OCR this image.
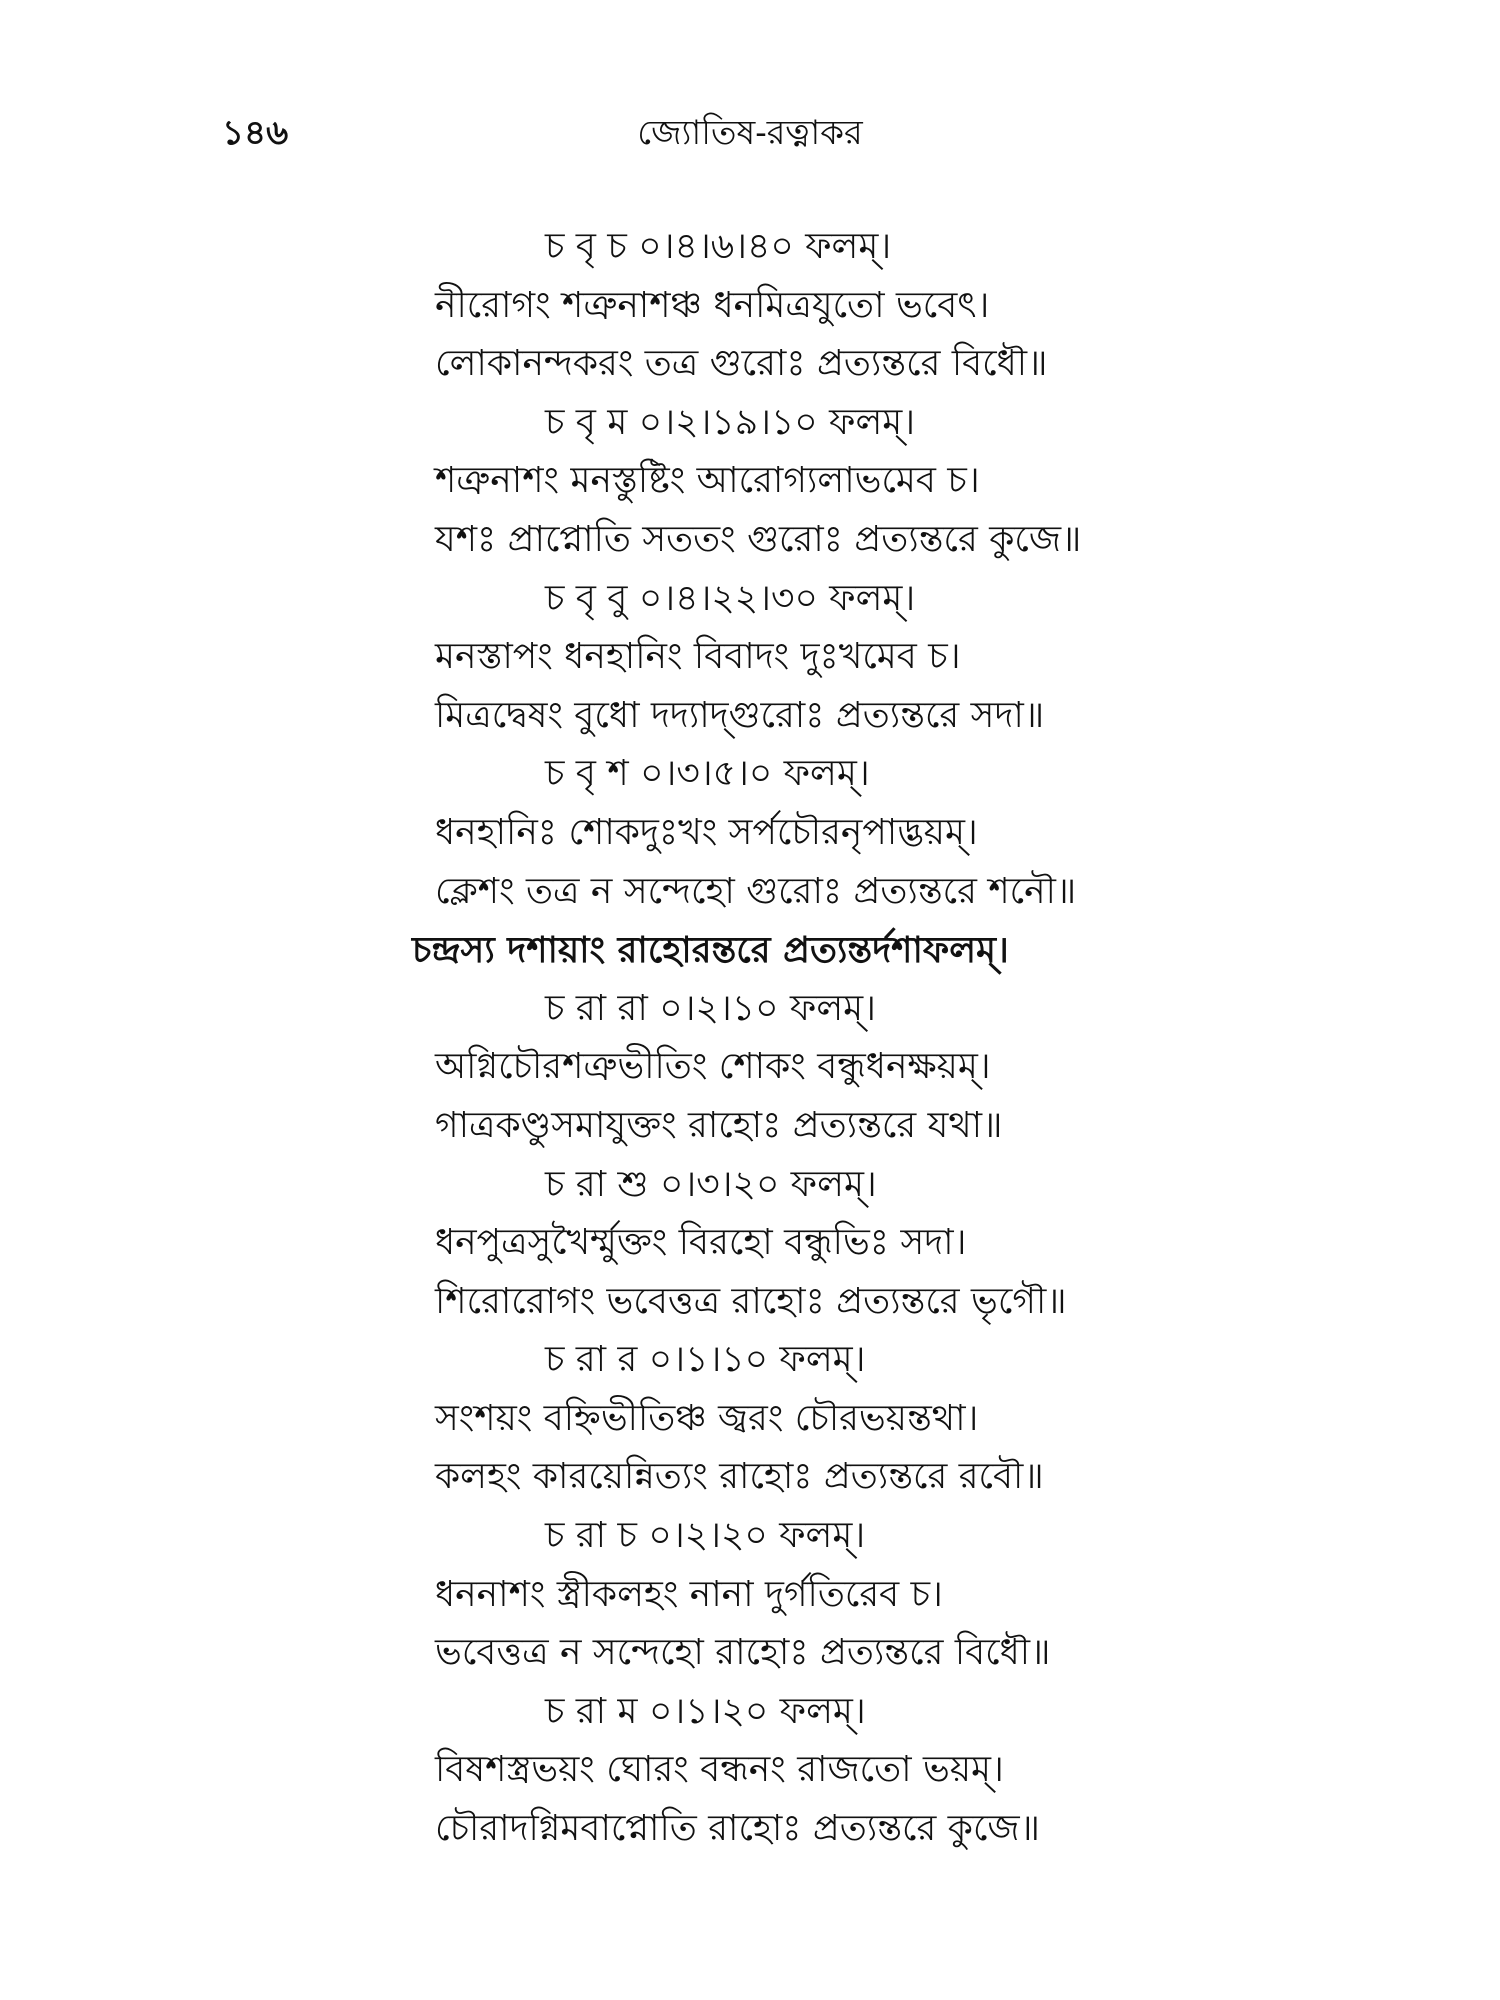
১৪৬	জ্যোতিষ-রত্নাকর
চ বৃ চ ০।৪।৬।৪০ ফলম্।
নীরোগং শত্রুনাশঞ্চ ধনমিত্রযুতো ভবেৎ।
লোকানন্দকরং তত্র গুরোঃ প্রত্যন্তরে বিধৌ॥
চ বৃ ম ০।২।১৯।১০ ফলম্।
শত্রুনাশং মনস্তুষ্টিং আরোগ্যলাভমেব চ।
যশঃ প্রাপ্নোতি সততং গুরোঃ প্রত্যন্তরে কুজে॥
চ বৃ বু ০।৪।২২।৩০ ফলম্।
মনস্তাপং ধনহানিং বিবাদং দুঃখমেব চ।
মিত্রদ্বেষং বুধো দদ্যাদ্গুরোঃ প্রত্যন্তরে সদা॥
চ বৃ শ ০।৩।৫।০ ফলম্।
ধনহানিঃ শোকদুঃখং সর্পচৌরনৃপাদ্ভয়ম্।
ক্লেশং তত্র ন সন্দেহো গুরোঃ প্রত্যন্তরে শনৌ॥
চন্দ্রস্য দশায়াং রাহোরন্তরে প্রত্যন্তর্দশাফলম্।
চ রা রা ০।২।১০ ফলম্।
অগ্নিচৌরশত্রুভীতিং শোকং বন্ধুধনক্ষয়ম্।
গাত্রকণ্ডুসমাযুক্তং রাহোঃ প্রত্যন্তরে যথা॥
চ রা শু ০।৩।২০ ফলম্।
ধনপুত্রসুখৈর্ম্মুক্তং বিরহো বন্ধুভিঃ সদা।
শিরোরোগং ভবেত্তত্র রাহোঃ প্রত্যন্তরে ভৃগৌ॥
চ রা র ০।১।১০ ফলম্।
সংশয়ং বহ্নিভীতিঞ্চ জ্বরং চৌরভয়ন্তথা।
কলহং কারয়েন্নিত্যং রাহোঃ প্রত্যন্তরে রবৌ॥
চ রা চ ০।২।২০ ফলম্।
ধননাশং স্ত্রীকলহং নানা দুর্গতিরেব চ।
ভবেত্তত্র ন সন্দেহো রাহোঃ প্রত্যন্তরে বিধৌ॥
চ রা ম ০।১।২০ ফলম্।
বিষশস্ত্রভয়ং ঘোরং বন্ধনং রাজতো ভয়ম্।
চৌরাদগ্নিমবাপ্নোতি রাহোঃ প্রত্যন্তরে কুজে॥
